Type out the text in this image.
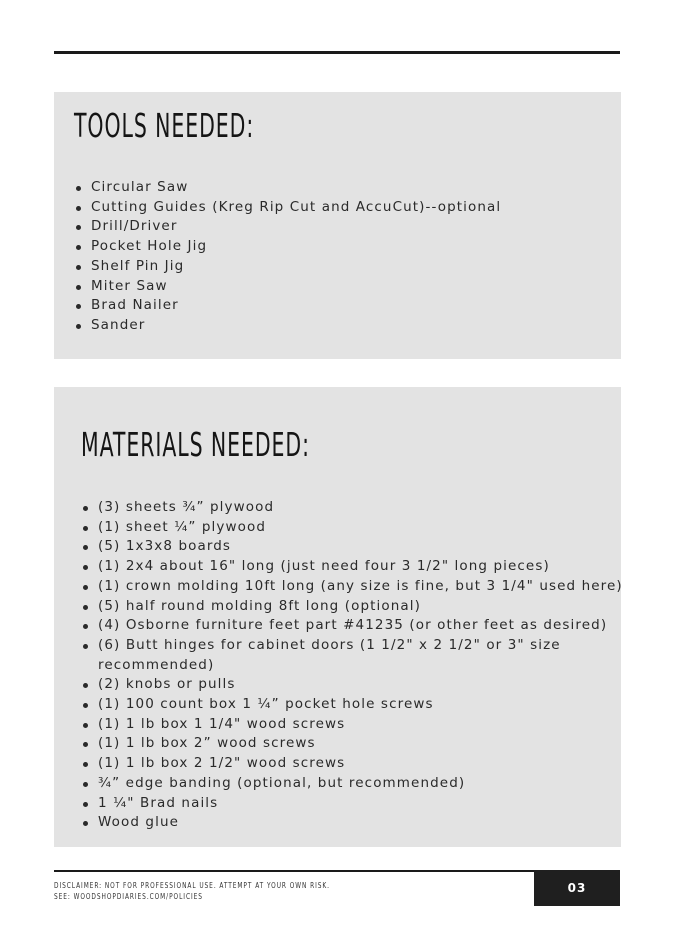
TOOLS NEEDED:
Circular Saw
Cutting Guides (Kreg Rip Cut and AccuCut)--optional
Drill/Driver
Pocket Hole Jig
Shelf Pin Jig
Miter Saw
Brad Nailer
Sander
MATERIALS NEEDED:
(3) sheets ¾” plywood
(1) sheet ¼” plywood
(5) 1x3x8 boards
(1) 2x4 about 16" long (just need four 3 1/2" long pieces)
(1) crown molding 10ft long (any size is fine, but 3 1/4" used here)
(5) half round molding 8ft long (optional)
(4) Osborne furniture feet part #41235 (or other feet as desired)
(6) Butt hinges for cabinet doors (1 1/2" x 2 1/2" or 3" size recommended)
(2) knobs or pulls
(1) 100 count box 1 ¼” pocket hole screws
(1) 1 lb box 1 1/4" wood screws
(1) 1 lb box 2” wood screws
(1) 1 lb box 2 1/2" wood screws
¾” edge banding (optional, but recommended)
1 ¼" Brad nails
Wood glue
DISCLAIMER: NOT FOR PROFESSIONAL USE. ATTEMPT AT YOUR OWN RISK.
SEE: WOODSHOPDIARIES.COM/POLICIES
03
